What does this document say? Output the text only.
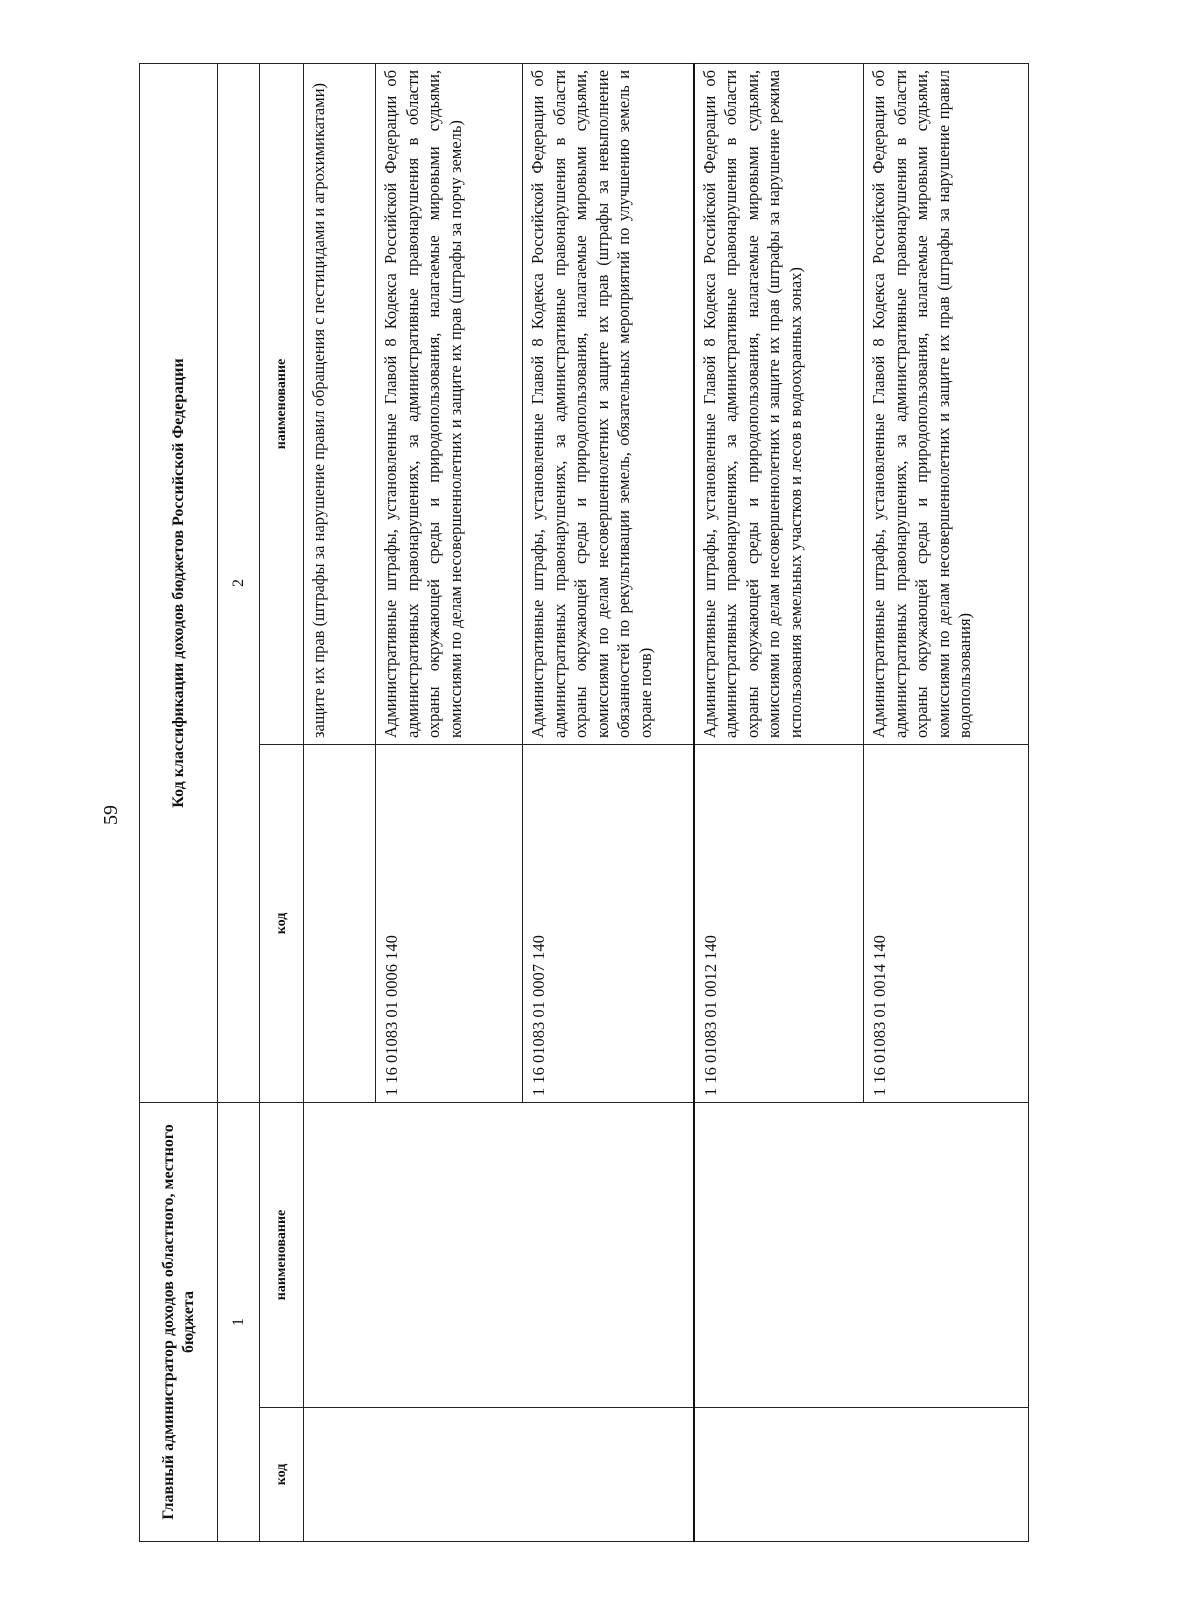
59
Главный администратор доходов областного, местного бюджета		Код классификации доходов бюджетов Российской Федерации	
1		2	
код	наименование	код	наименование
			защите их прав (штрафы за нарушение правил обращения с пестицидами и агрохимикатами)
		1 16 01083 01 0006 140	Административные штрафы, установленные Главой 8 Кодекса Российской Федерации об административных правонарушениях, за административные правонарушения в области охраны окружающей среды и природопользования, налагаемые мировыми судьями, комиссиями по делам несовершеннолетних и защите их прав (штрафы за порчу земель)
		1 16 01083 01 0007 140	Административные штрафы, установленные Главой 8 Кодекса Российской Федерации об административных правонарушениях, за административные правонарушения в области охраны окружающей среды и природопользования, налагаемые мировыми судьями, комиссиями по делам несовершеннолетних и защите их прав (штрафы за невыполнение обязанностей по рекультивации земель, обязательных мероприятий по улучшению земель и охране почв)
		1 16 01083 01 0012 140	Административные штрафы, установленные Главой 8 Кодекса Российской Федерации об административных правонарушениях, за административные правонарушения в области охраны окружающей среды и природопользования, налагаемые мировыми судьями, комиссиями по делам несовершеннолетних и защите их прав (штрафы за нарушение режима использования земельных участков и лесов в водоохранных зонах)
		1 16 01083 01 0014 140	Административные штрафы, установленные Главой 8 Кодекса Российской Федерации об административных правонарушениях, за административные правонарушения в области охраны окружающей среды и природопользования, налагаемые мировыми судьями, комиссиями по делам несовершеннолетних и защите их прав (штрафы за нарушение правил водопользования)
